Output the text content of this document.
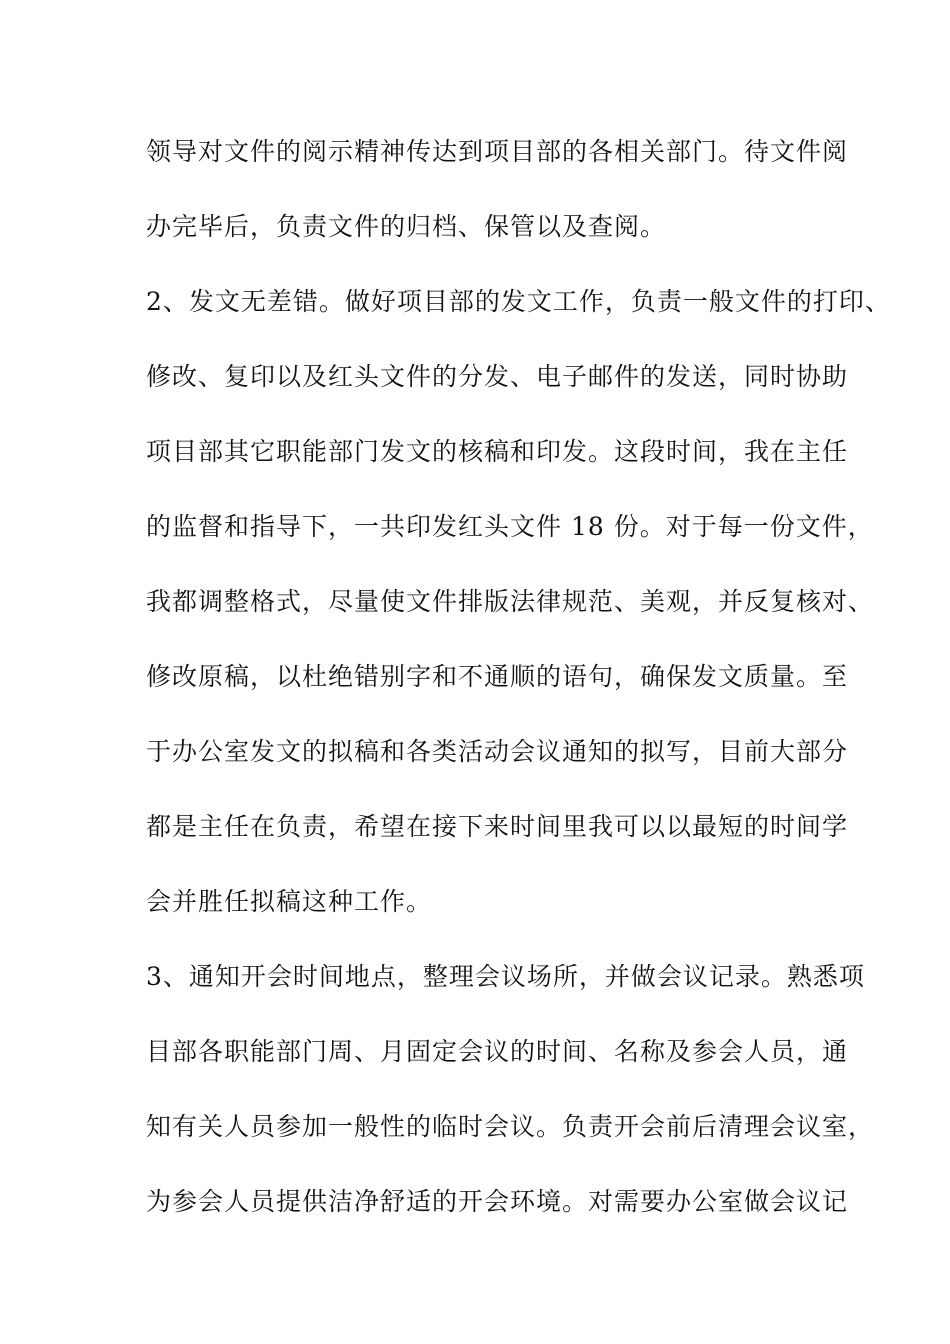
领导对文件的阅示精神传达到项目部的各相关部门。待文件阅
办完毕后，负责文件的归档、保管以及查阅。
2、发文无差错。做好项目部的发文工作，负责一般文件的打印、
修改、复印以及红头文件的分发、电子邮件的发送，同时协助
项目部其它职能部门发文的核稿和印发。这段时间，我在主任
的监督和指导下，一共印发红头文件 18 份。对于每一份文件，
我都调整格式，尽量使文件排版法律规范、美观，并反复核对、
修改原稿，以杜绝错别字和不通顺的语句，确保发文质量。至
于办公室发文的拟稿和各类活动会议通知的拟写，目前大部分
都是主任在负责，希望在接下来时间里我可以以最短的时间学
会并胜任拟稿这种工作。
3、通知开会时间地点，整理会议场所，并做会议记录。熟悉项
目部各职能部门周、月固定会议的时间、名称及参会人员，通
知有关人员参加一般性的临时会议。负责开会前后清理会议室，
为参会人员提供洁净舒适的开会环境。对需要办公室做会议记
